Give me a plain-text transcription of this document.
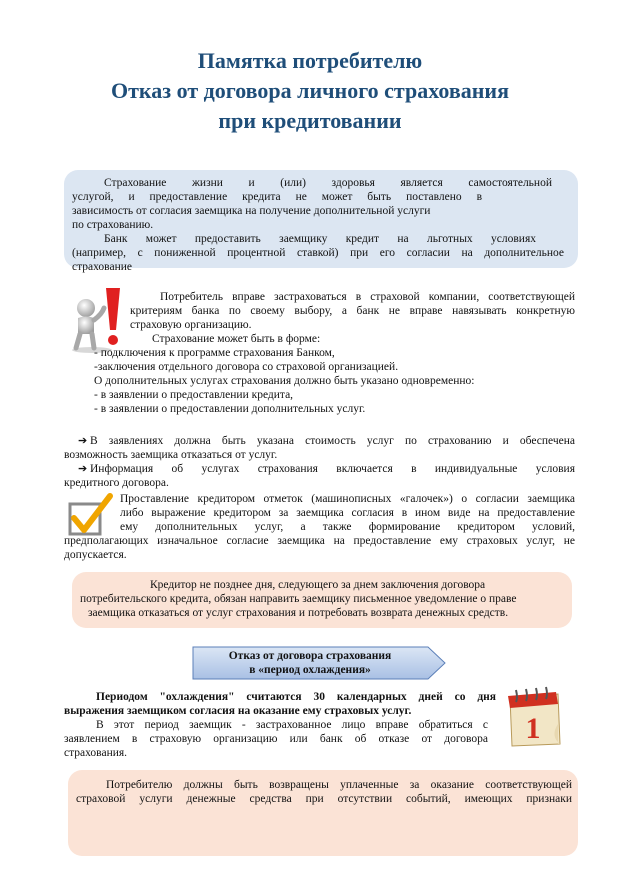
Памятка потребителю
Отказ от договора личного страхования
при кредитовании
Страхование жизни и (или) здоровья является самостоятельной
услугой, и предоставление кредита не может быть поставлено в
зависимость от согласия заемщика на получение дополнительной услуги
по страхованию.
Банк может предоставить заемщику кредит на льготных условиях
(например, с пониженной процентной ставкой) при его согласии на дополнительное
страхование
Потребитель вправе застраховаться в страховой компании, соответствующей
критериям банка по своему выбору, а банк не вправе навязывать конкретную
страховую организацию.
Страхование может быть в форме:
- подключения к программе страхования Банком,
-заключения отдельного договора со страховой организацией.
О дополнительных услугах страхования должно быть указано одновременно:
- в заявлении о предоставлении кредита,
- в заявлении о предоставлении дополнительных услуг.
➔ В заявлениях должна быть указана стоимость услуг по страхованию и обеспечена
возможность заемщика отказаться от услуг.
➔ Информация об услугах страхования включается в индивидуальные условия
кредитного договора.
Проставление кредитором отметок (машинописных «галочек») о согласии заемщика
либо выражение кредитором за заемщика согласия в ином виде на предоставление
ему дополнительных услуг, а также формирование кредитором условий,
предполагающих изначальное согласие заемщика на предоставление ему страховых услуг, не
допускается.
Кредитор не позднее дня, следующего за днем заключения договора
потребительского кредита, обязан направить заемщику письменное уведомление о праве
заемщика отказаться от услуг страхования и потребовать возврата денежных средств.
Отказ от договора страхования
в «период охлаждения»
Периодом "охлаждения" считаются 30 календарных дней со дня
выражения заемщиком согласия на оказание ему страховых услуг.
В этот период заемщик - застрахованное лицо вправе обратиться с
заявлением в страховую организацию или банк об отказе от договора
страхования.
1
Потребителю должны быть возвращены уплаченные за оказание соответствующей
страховой услуги денежные средства при отсутствии событий, имеющих признаки
